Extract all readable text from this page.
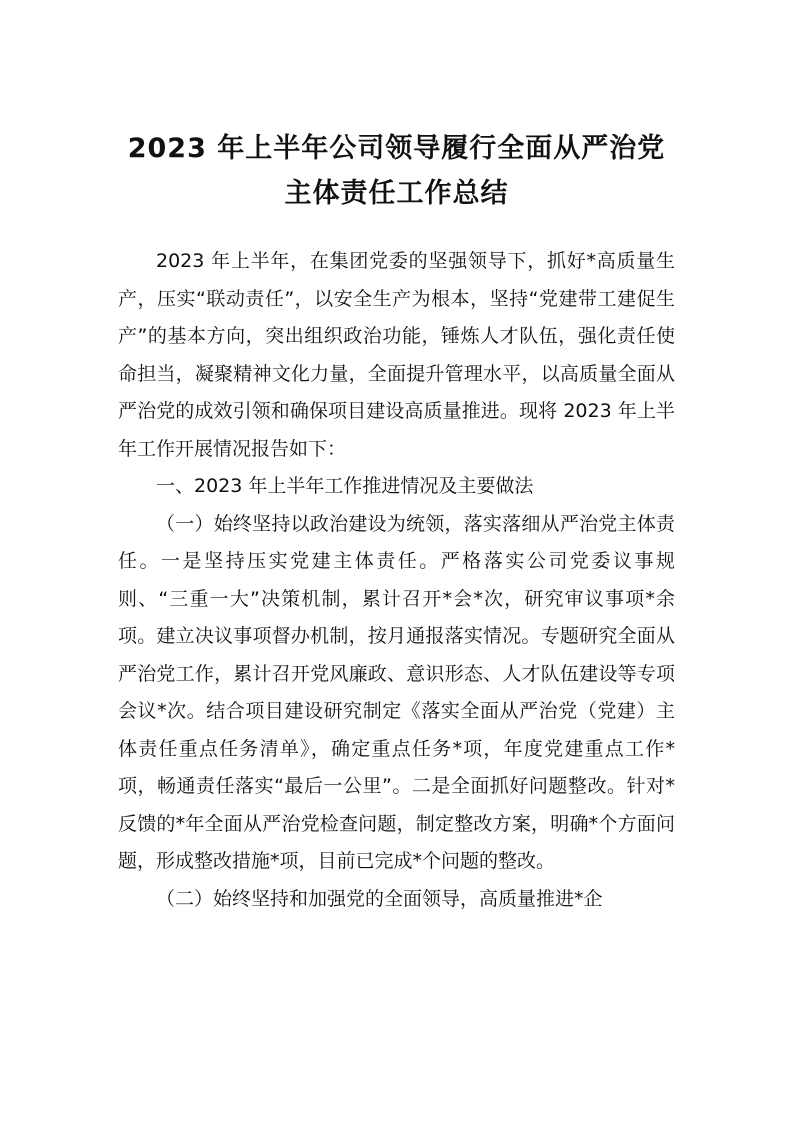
2023 年上半年公司领导履行全面从严治党
主体责任工作总结

2023 年上半年，在集团党委的坚强领导下，抓好*高质量生产，压实“联动责任”，以安全生产为根本，坚持“党建带工建促生产”的基本方向，突出组织政治功能，锤炼人才队伍，强化责任使命担当，凝聚精神文化力量，全面提升管理水平，以高质量全面从严治党的成效引领和确保项目建设高质量推进。现将 2023 年上半年工作开展情况报告如下：

一、2023 年上半年工作推进情况及主要做法

（一）始终坚持以政治建设为统领，落实落细从严治党主体责任。一是坚持压实党建主体责任。严格落实公司党委议事规则、“三重一大”决策机制，累计召开*会*次，研究审议事项*余项。建立决议事项督办机制，按月通报落实情况。专题研究全面从严治党工作，累计召开党风廉政、意识形态、人才队伍建设等专项会议*次。结合项目建设研究制定《落实全面从严治党（党建）主体责任重点任务清单》，确定重点任务*项，年度党建重点工作*项，畅通责任落实“最后一公里”。二是全面抓好问题整改。针对*反馈的*年全面从严治党检查问题，制定整改方案，明确*个方面问题，形成整改措施*项，目前已完成*个问题的整改。

（二）始终坚持和加强党的全面领导，高质量推进*企
